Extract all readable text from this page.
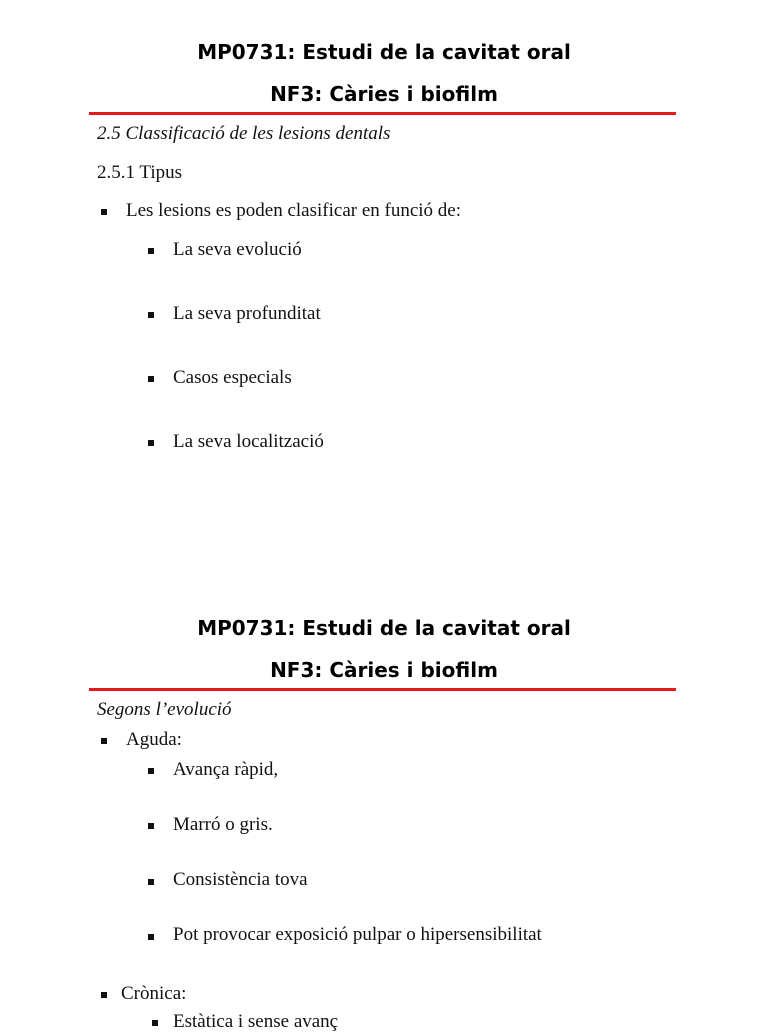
MP0731: Estudi de la cavitat oral
NF3: Càries i biofilm
2.5 Classificació de les lesions dentals
2.5.1 Tipus
Les lesions es poden clasificar en funció de:
La seva evolució
La seva profunditat
Casos especials
La seva localització
MP0731: Estudi de la cavitat oral
NF3: Càries i biofilm
Segons l’evolució
Aguda:
Avança ràpid,
Marró o gris.
Consistència tova
Pot provocar exposició pulpar o hipersensibilitat
Crònica:
Estàtica i sense avanç
